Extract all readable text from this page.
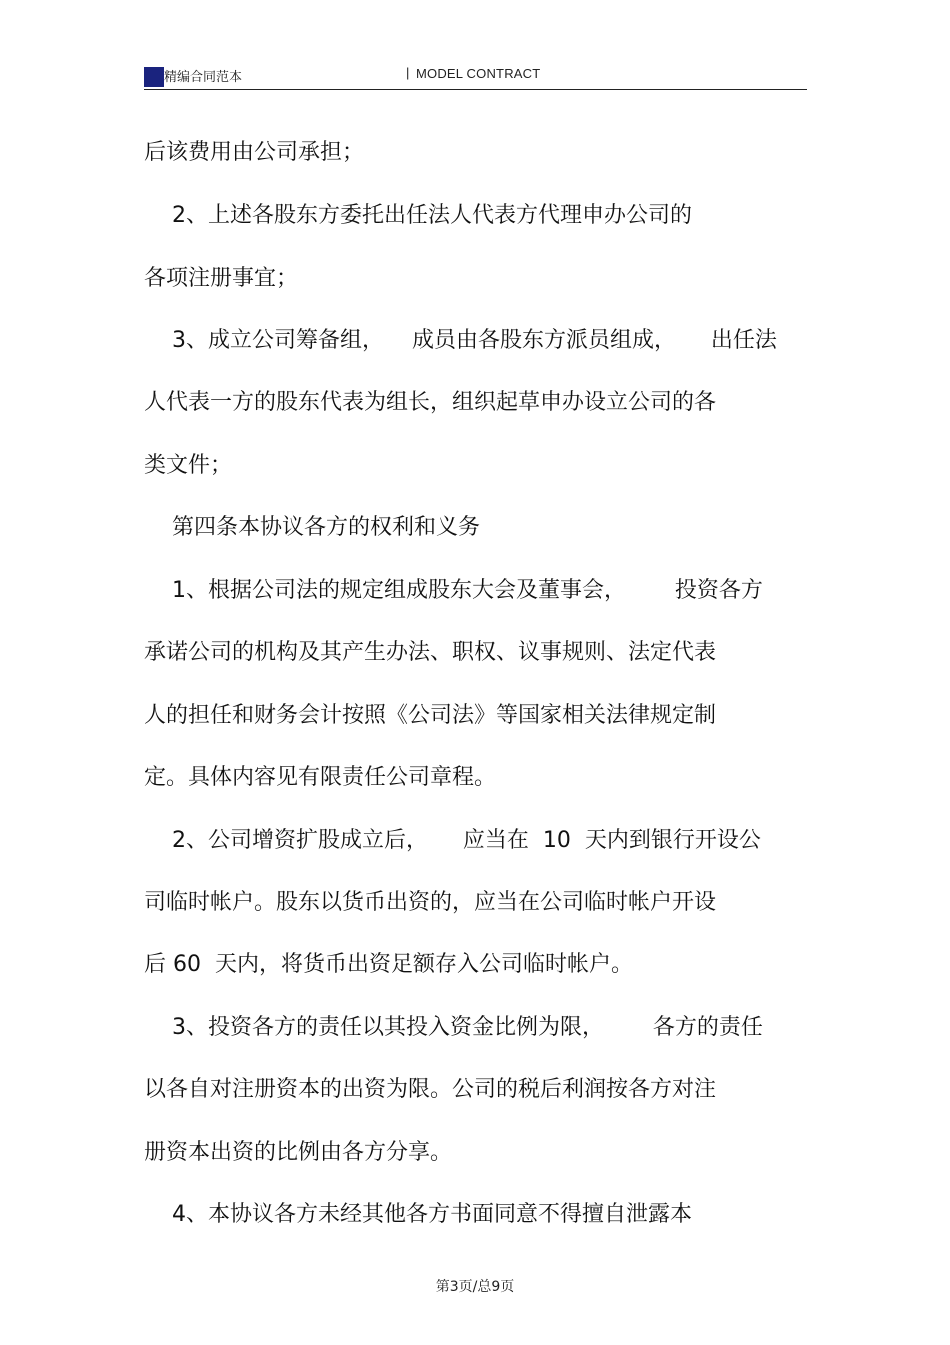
精编合同范本	| MODEL CONTRACT
后该费用由公司承担；
2、上述各股东方委托出任法人代表方代理申办公司的
各项注册事宜；
3、成立公司筹备组，    成员由各股东方派员组成，     出任法
人代表一方的股东代表为组长，组织起草申办设立公司的各
类文件；
第四条本协议各方的权利和义务
1、根据公司法的规定组成股东大会及董事会，       投资各方
承诺公司的机构及其产生办法、职权、议事规则、法定代表
人的担任和财务会计按照《公司法》等国家相关法律规定制
定。具体内容见有限责任公司章程。
2、公司增资扩股成立后，     应当在  10  天内到银行开设公
司临时帐户。股东以货币出资的，应当在公司临时帐户开设
后 60  天内，将货币出资足额存入公司临时帐户。
3、投资各方的责任以其投入资金比例为限，       各方的责任
以各自对注册资本的出资为限。公司的税后利润按各方对注
册资本出资的比例由各方分享。
4、本协议各方未经其他各方书面同意不得擅自泄露本
第3页/总9页
